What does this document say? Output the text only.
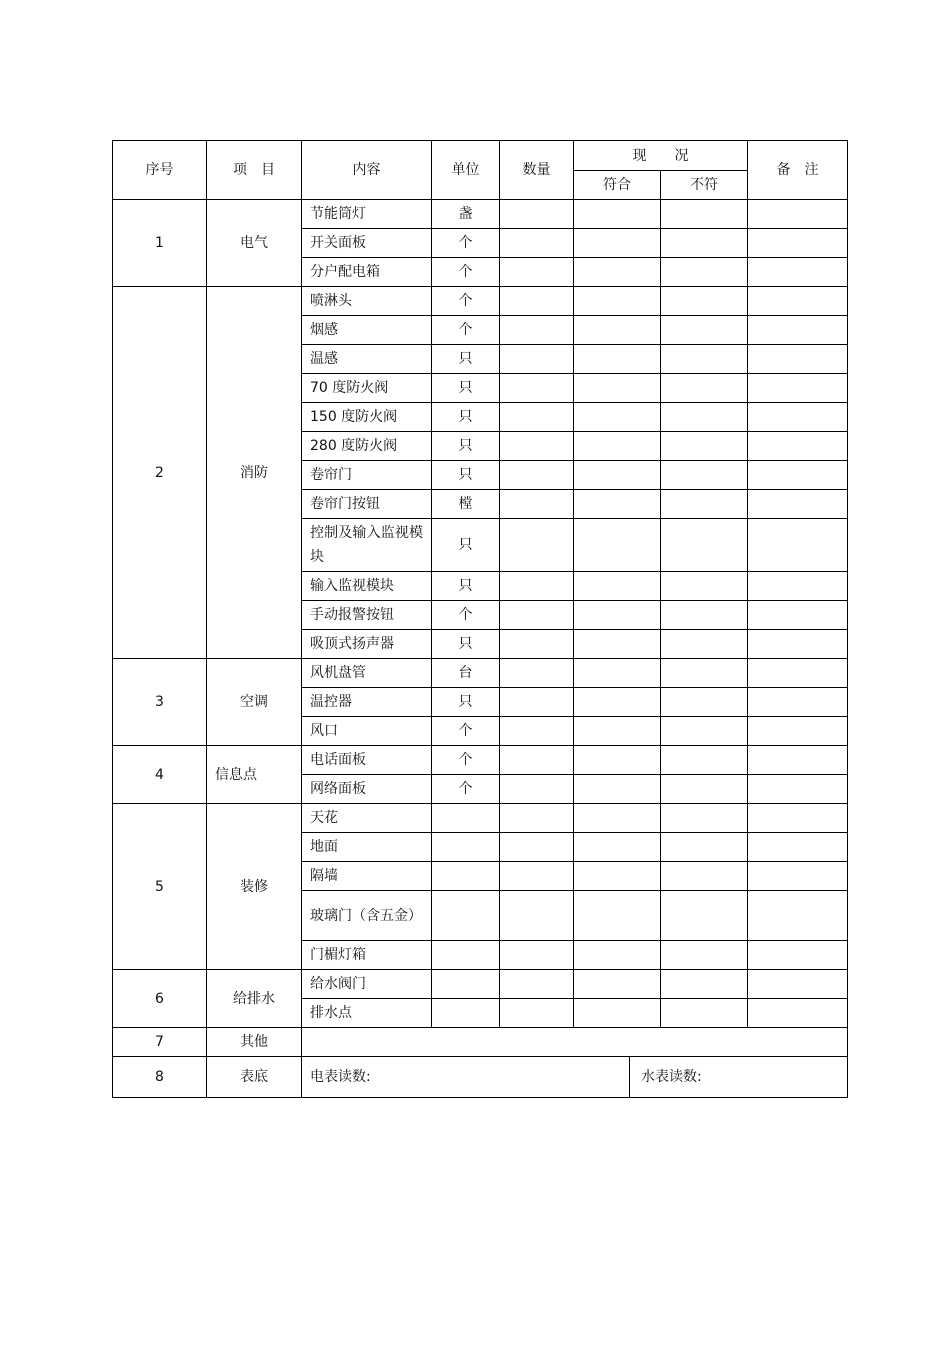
序号	项　目	内容	单位	数量	现　　况		备　注
					符合	不符	
1	电气	节能筒灯	盏				
		开关面板	个				
		分户配电箱	个				
2	消防	喷淋头	个				
		烟感	个				
		温感	只				
		70 度防火阀	只				
		150 度防火阀	只				
		280 度防火阀	只				
		卷帘门	只				
		卷帘门按钮	樘				
		控制及输入监视模块	只				
		输入监视模块	只				
		手动报警按钮	个				
		吸顶式扬声器	只				
3	空调	风机盘管	台				
		温控器	只				
		风口	个				
4	信息点	电话面板	个				
		网络面板	个				
5	装修	天花					
		地面					
		隔墙					
		玻璃门（含五金）					
		门楣灯箱					
6	给排水	给水阀门					
		排水点					
7	其他						
8	表底	电表读数: 水表读数:					
